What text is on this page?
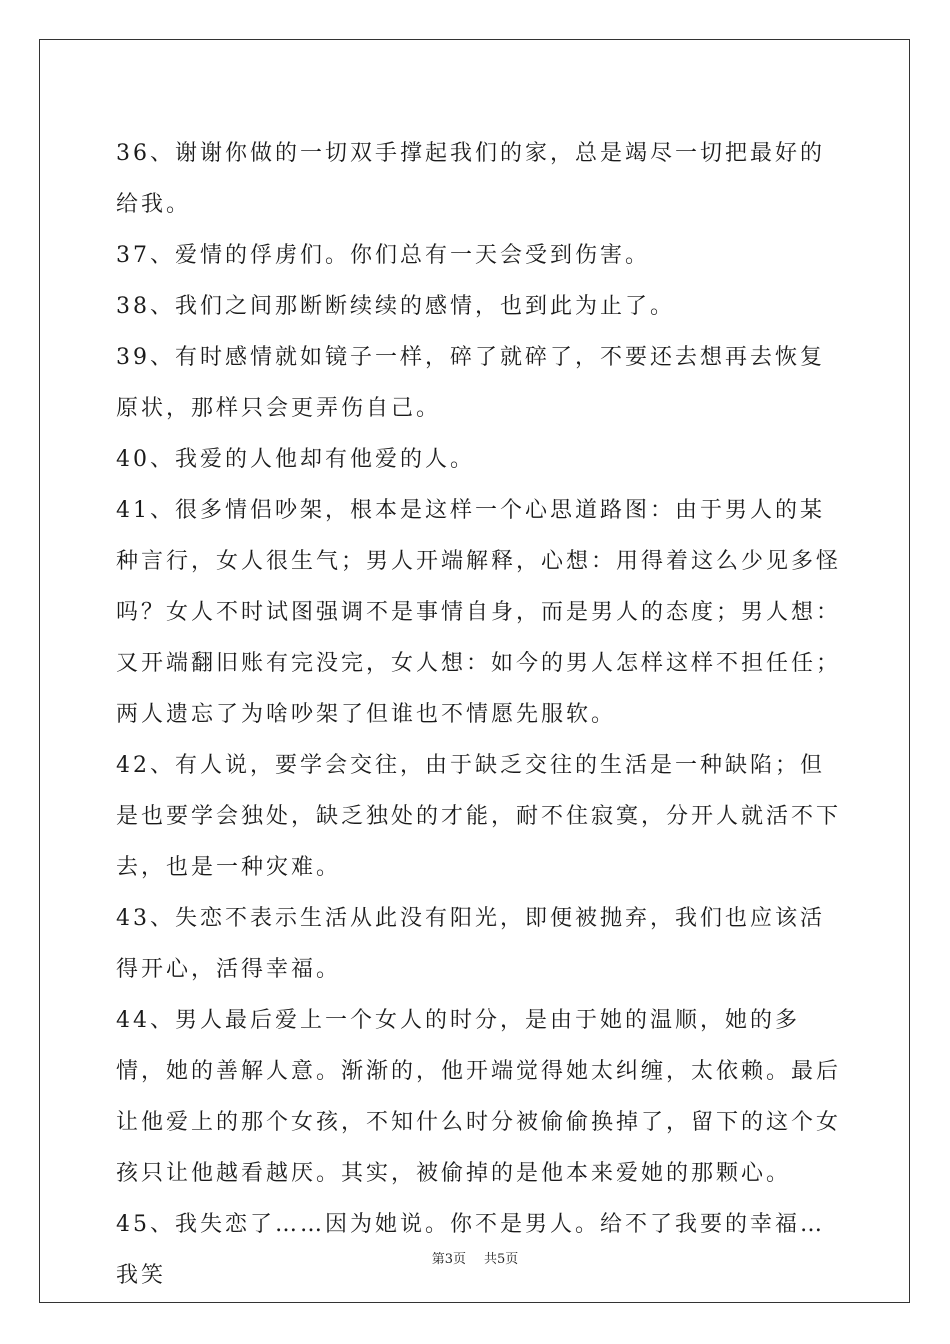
36、谢谢你做的一切双手撑起我们的家，总是竭尽一切把最好的给我。

37、爱情的俘虏们。你们总有一天会受到伤害。

38、我们之间那断断续续的感情，也到此为止了。

39、有时感情就如镜子一样，碎了就碎了，不要还去想再去恢复原状，那样只会更弄伤自己。

40、我爱的人他却有他爱的人。

41、很多情侣吵架，根本是这样一个心思道路图：由于男人的某种言行，女人很生气；男人开端解释，心想：用得着这么少见多怪吗？女人不时试图强调不是事情自身，而是男人的态度；男人想：又开端翻旧账有完没完，女人想：如今的男人怎样这样不担任任；两人遗忘了为啥吵架了但谁也不情愿先服软。

42、有人说，要学会交往，由于缺乏交往的生活是一种缺陷；但是也要学会独处，缺乏独处的才能，耐不住寂寞，分开人就活不下去，也是一种灾难。

43、失恋不表示生活从此没有阳光，即便被抛弃，我们也应该活得开心，活得幸福。

44、男人最后爱上一个女人的时分，是由于她的温顺，她的多情，她的善解人意。渐渐的，他开端觉得她太纠缠，太依赖。最后让他爱上的那个女孩，不知什么时分被偷偷换掉了，留下的这个女孩只让他越看越厌。其实，被偷掉的是他本来爱她的那颗心。

45、我失恋了……因为她说。你不是男人。给不了我要的幸福…我笑

第3页 共5页
